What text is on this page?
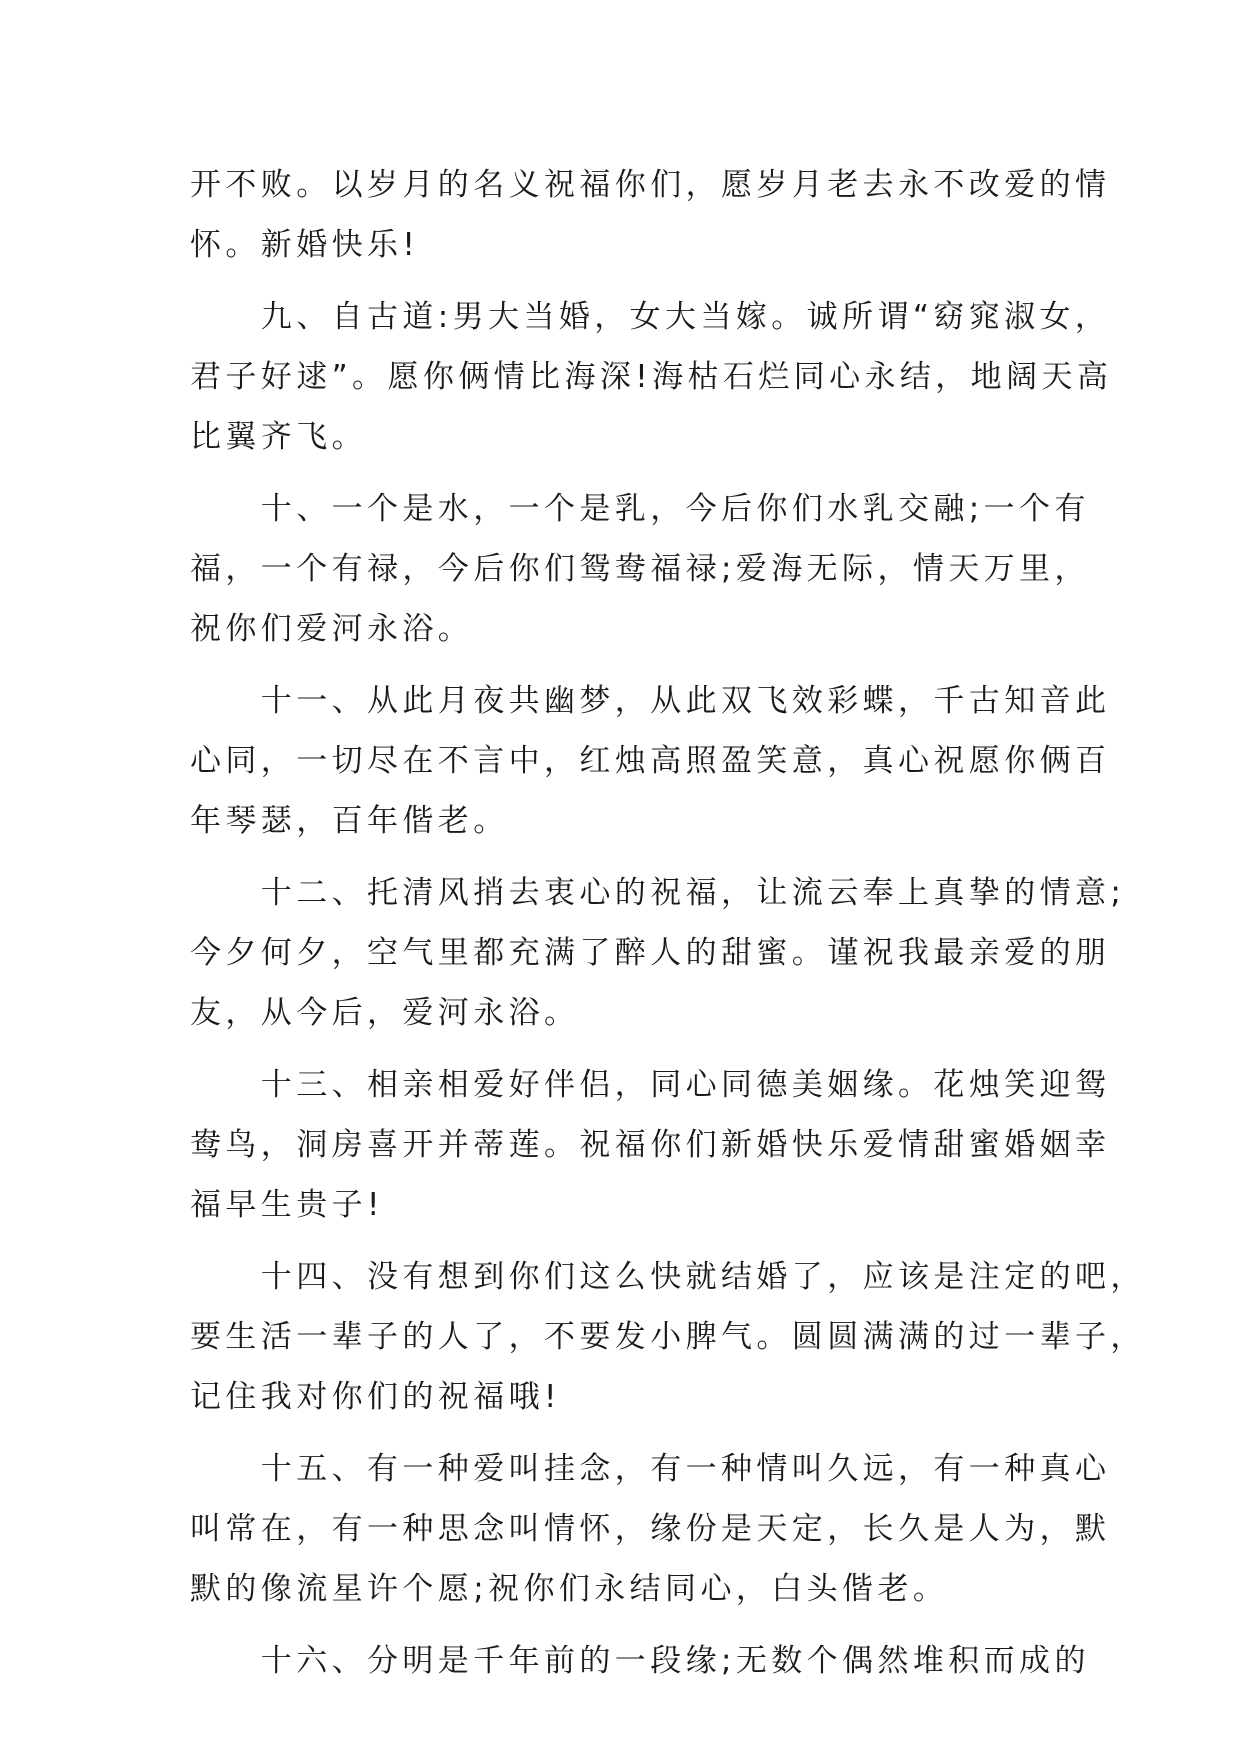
开不败。以岁月的名义祝福你们，愿岁月老去永不改爱的情
怀。新婚快乐!
　　九、自古道:男大当婚，女大当嫁。诚所谓“窈窕淑女，
君子好逑”。愿你俩情比海深!海枯石烂同心永结，地阔天高
比翼齐飞。
　　十、一个是水，一个是乳，今后你们水乳交融;一个有
福，一个有禄，今后你们鸳鸯福禄;爱海无际，情天万里，
祝你们爱河永浴。
　　十一、从此月夜共幽梦，从此双飞效彩蝶，千古知音此
心同，一切尽在不言中，红烛高照盈笑意，真心祝愿你俩百
年琴瑟，百年偕老。
　　十二、托清风捎去衷心的祝福，让流云奉上真挚的情意;
今夕何夕，空气里都充满了醉人的甜蜜。谨祝我最亲爱的朋
友，从今后，爱河永浴。
　　十三、相亲相爱好伴侣，同心同德美姻缘。花烛笑迎鸳
鸯鸟，洞房喜开并蒂莲。祝福你们新婚快乐爱情甜蜜婚姻幸
福早生贵子!
　　十四、没有想到你们这么快就结婚了，应该是注定的吧，
要生活一辈子的人了，不要发小脾气。圆圆满满的过一辈子，
记住我对你们的祝福哦!
　　十五、有一种爱叫挂念，有一种情叫久远，有一种真心
叫常在，有一种思念叫情怀，缘份是天定，长久是人为，默
默的像流星许个愿;祝你们永结同心，白头偕老。
　　十六、分明是千年前的一段缘;无数个偶然堆积而成的
